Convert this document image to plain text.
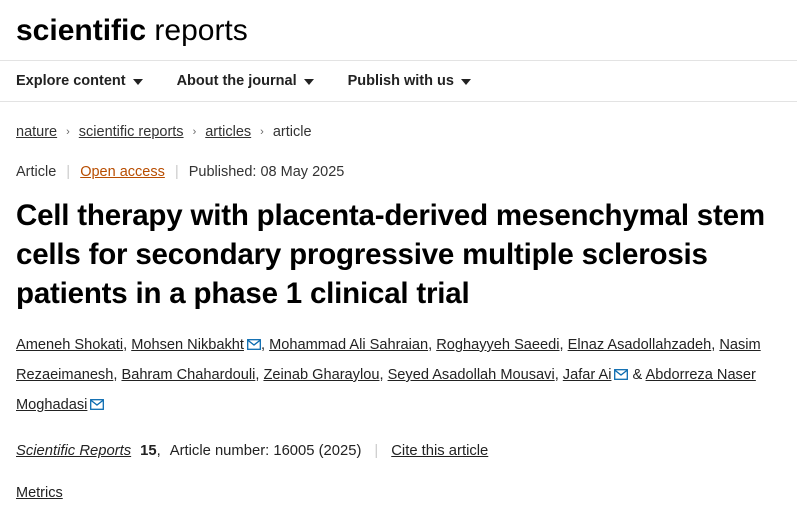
scientific reports
Explore content	About the journal	Publish with us
nature › scientific reports › articles › article
Article | Open access | Published: 08 May 2025
Cell therapy with placenta-derived mesenchymal stem cells for secondary progressive multiple sclerosis patients in a phase 1 clinical trial
Ameneh Shokati, Mohsen Nikbakht , Mohammad Ali Sahraian, Roghayyeh Saeedi, Elnaz Asadollahzadeh, Nasim Rezaeimanesh, Bahram Chahardouli, Zeinab Gharaylou, Seyed Asadollah Mousavi, Jafar Ai & Abdorreza Naser Moghadasi
Scientific Reports 15, Article number: 16005 (2025) | Cite this article
Metrics
